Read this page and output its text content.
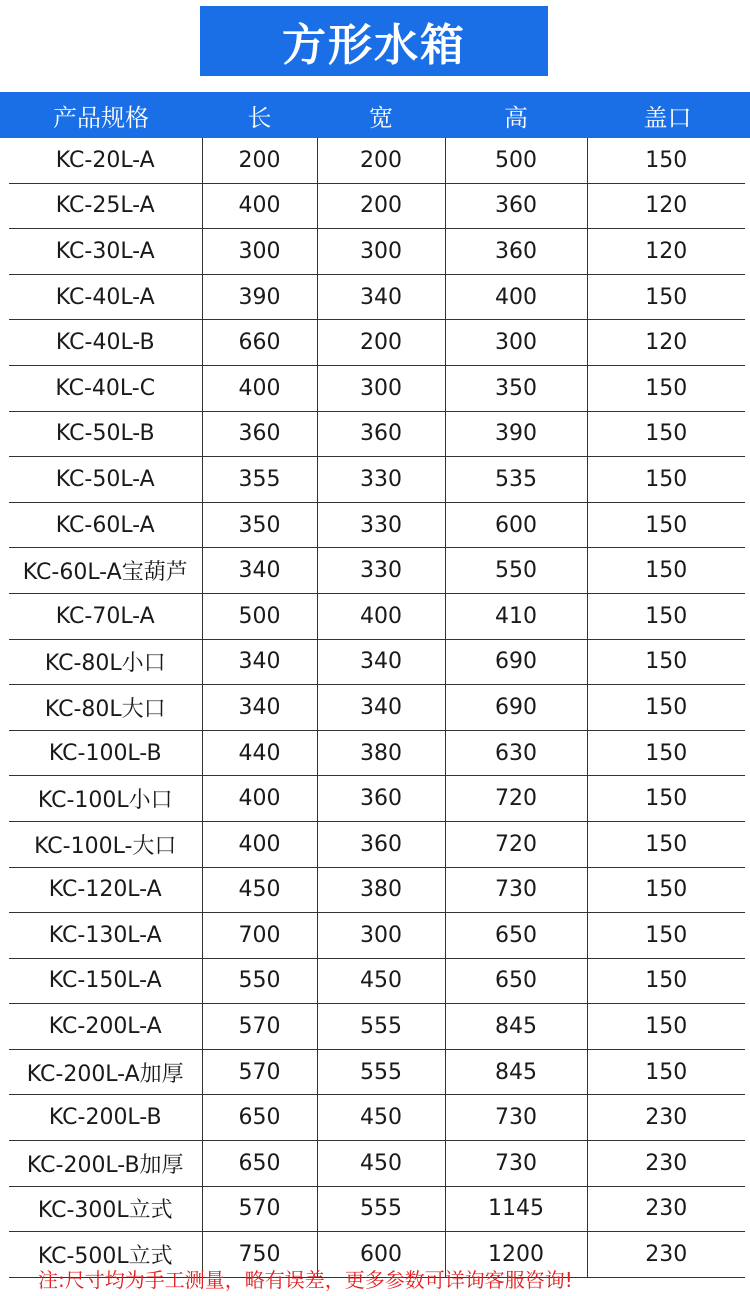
方形水箱
产品规格	长	宽	高	盖口
KC-20L-A	200	200	500	150
KC-25L-A	400	200	360	120
KC-30L-A	300	300	360	120
KC-40L-A	390	340	400	150
KC-40L-B	660	200	300	120
KC-40L-C	400	300	350	150
KC-50L-B	360	360	390	150
KC-50L-A	355	330	535	150
KC-60L-A	350	330	600	150
KC-60L-A宝葫芦	340	330	550	150
KC-70L-A	500	400	410	150
KC-80L小口	340	340	690	150
KC-80L大口	340	340	690	150
KC-100L-B	440	380	630	150
KC-100L小口	400	360	720	150
KC-100L-大口	400	360	720	150
KC-120L-A	450	380	730	150
KC-130L-A	700	300	650	150
KC-150L-A	550	450	650	150
KC-200L-A	570	555	845	150
KC-200L-A加厚	570	555	845	150
KC-200L-B	650	450	730	230
KC-200L-B加厚	650	450	730	230
KC-300L立式	570	555	1145	230
KC-500L立式	750	600	1200	230
注:尺寸均为手工测量，略有误差，更多参数可详询客服咨询!
